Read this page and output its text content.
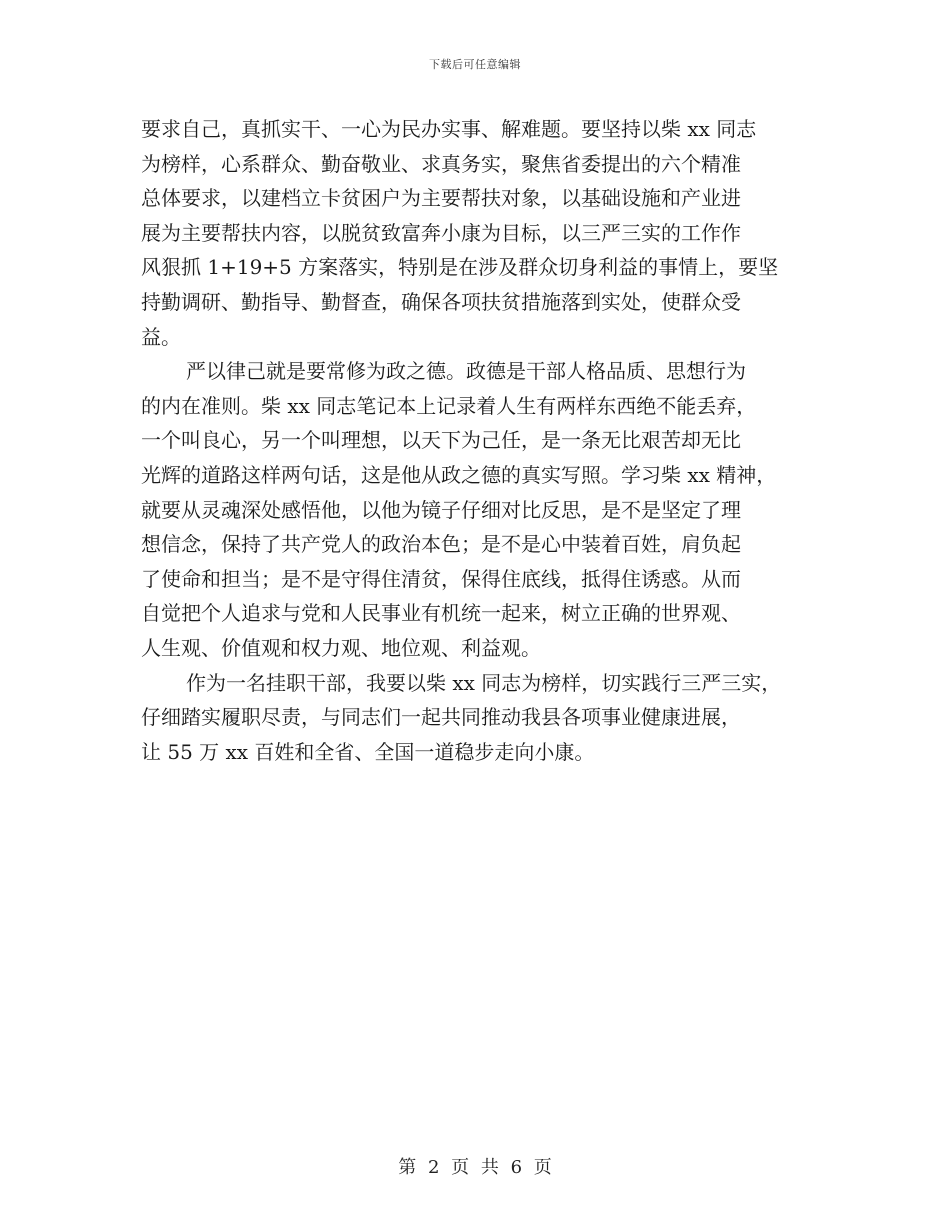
下载后可任意编辑

要求自己，真抓实干、一心为民办实事、解难题。要坚持以柴 xx 同志

为榜样，心系群众、勤奋敬业、求真务实，聚焦省委提出的六个精准

总体要求，以建档立卡贫困户为主要帮扶对象，以基础设施和产业进

展为主要帮扶内容，以脱贫致富奔小康为目标，以三严三实的工作作

风狠抓 1+19+5 方案落实，特别是在涉及群众切身利益的事情上，要坚

持勤调研、勤指导、勤督查，确保各项扶贫措施落到实处，使群众受

益。

严以律己就是要常修为政之德。政德是干部人格品质、思想行为

的内在准则。柴 xx 同志笔记本上记录着人生有两样东西绝不能丢弃，

一个叫良心，另一个叫理想，以天下为己任，是一条无比艰苦却无比

光辉的道路这样两句话，这是他从政之德的真实写照。学习柴 xx 精神，

就要从灵魂深处感悟他，以他为镜子仔细对比反思，是不是坚定了理

想信念，保持了共产党人的政治本色；是不是心中装着百姓，肩负起

了使命和担当；是不是守得住清贫，保得住底线，抵得住诱惑。从而

自觉把个人追求与党和人民事业有机统一起来，树立正确的世界观、

人生观、价值观和权力观、地位观、利益观。

作为一名挂职干部，我要以柴 xx 同志为榜样，切实践行三严三实，

仔细踏实履职尽责，与同志们一起共同推动我县各项事业健康进展，

让 55 万 xx 百姓和全省、全国一道稳步走向小康。

第 2 页 共 6 页
